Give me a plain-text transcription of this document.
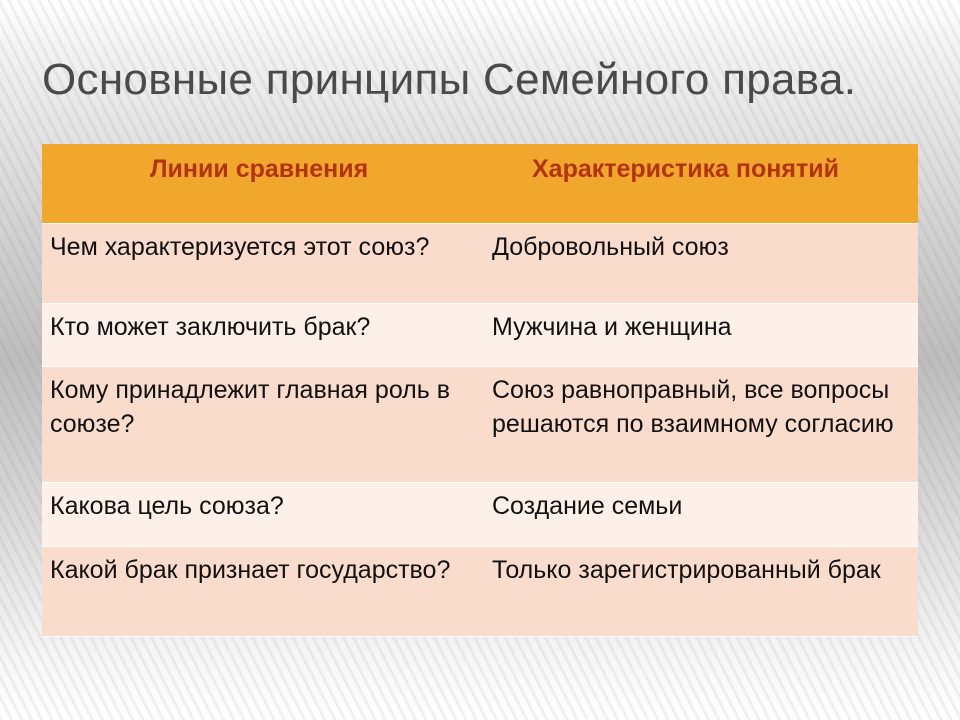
Основные принципы Семейного права.
Линии сравнения	Характеристика понятий
Чем характеризуется этот союз?	Добровольный союз
Кто может заключить брак?	Мужчина и женщина
Кому принадлежит главная роль в союзе?	Союз равноправный, все вопросы решаются по взаимному согласию
Какова цель союза?	Создание семьи
Какой брак признает государство?	Только зарегистрированный брак
